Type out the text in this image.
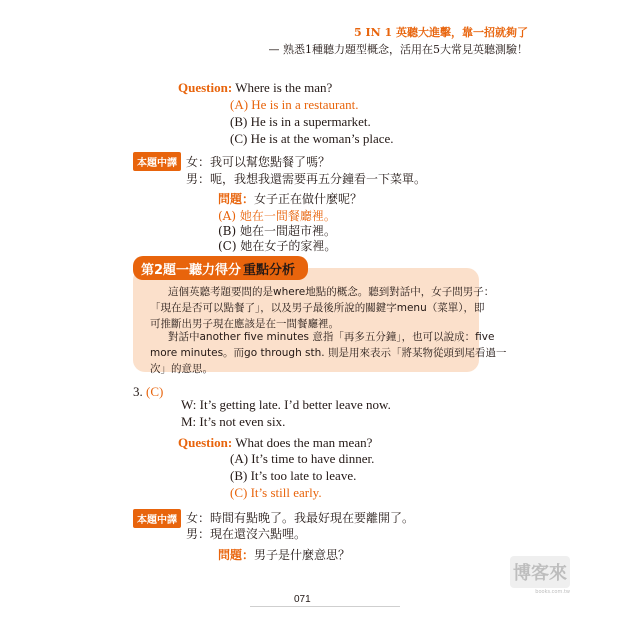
5 IN 1 英聽大進擊，靠一招就夠了
— 熟悉1種聽力題型概念，活用在5大常見英聽測驗！
Question: Where is the man?
(A) He is in a restaurant.
(B) He is in a supermarket.
(C) He is at the woman’s place.
本題中譯 女：我可以幫您點餐了嗎？
男：呃，我想我還需要再五分鐘看一下菜單。
問題：女子正在做什麼呢？
(A) 她在一間餐廳裡。
(B) 她在一間超市裡。
(C) 她在女子的家裡。
第2題一聽力得分 重點分析
這個英聽考題要問的是where地點的概念。聽到對話中，女子問男子：
「現在是否可以點餐了」，以及男子最後所說的關鍵字menu（菜單），即
可推斷出男子現在應該是在一間餐廳裡。
對話中another five minutes 意指「再多五分鐘」，也可以說成：five
more minutes。而go through sth. 則是用來表示「將某物從頭到尾看過一
次」的意思。
3. (C)
W: It’s getting late. I’d better leave now.
M: It’s not even six.
Question: What does the man mean?
(A) It’s time to have dinner.
(B) It’s too late to leave.
(C) It’s still early.
本題中譯 女：時間有點晚了。我最好現在要離開了。
男：現在還沒六點哩。
問題：男子是什麼意思？
博客來
books.com.tw
071
